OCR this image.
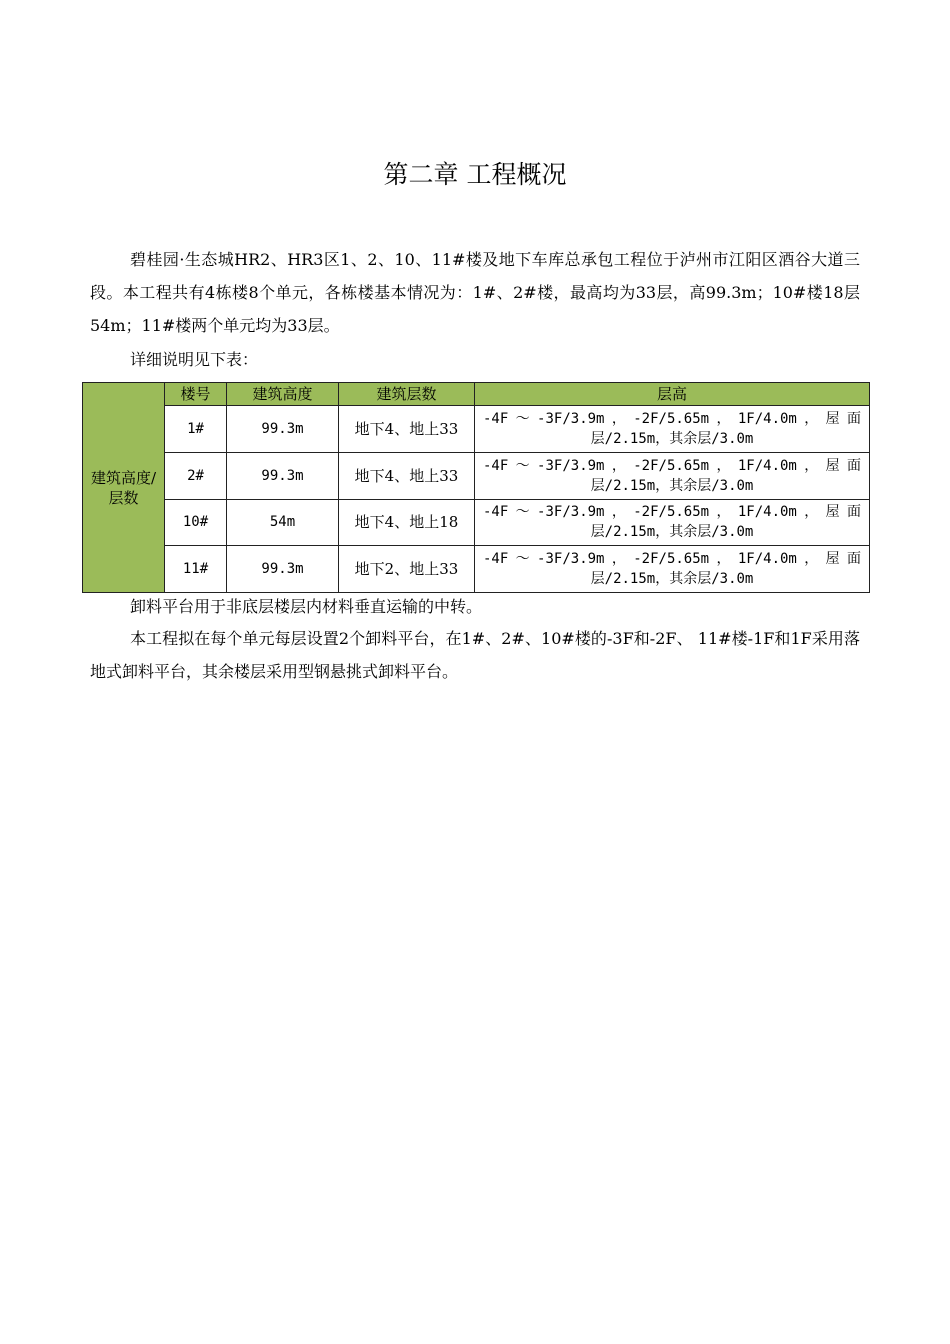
第二章 工程概况

碧桂园·生态城HR2、HR3区1、2、10、11#楼及地下车库总承包工程位于泸州市江阳区酒谷大道三段。本工程共有4栋楼8个单元，各栋楼基本情况为：1#、2#楼，最高均为33层，高99.3m；10#楼18层54m；11#楼两个单元均为33层。

详细说明见下表：

建筑高度/层数	楼号	建筑高度	建筑层数	层高
	1#	99.3m	地下4、地上33	-4F～-3F/3.9m，-2F/5.65m，1F/4.0m，屋面层/2.15m，其余层/3.0m
	2#	99.3m	地下4、地上33	-4F～-3F/3.9m，-2F/5.65m，1F/4.0m，屋面层/2.15m，其余层/3.0m
	10#	54m	地下4、地上18	-4F～-3F/3.9m，-2F/5.65m，1F/4.0m，屋面层/2.15m，其余层/3.0m
	11#	99.3m	地下2、地上33	-4F～-3F/3.9m，-2F/5.65m，1F/4.0m，屋面层/2.15m，其余层/3.0m

卸料平台用于非底层楼层内材料垂直运输的中转。

本工程拟在每个单元每层设置2个卸料平台，在1#、2#、10#楼的-3F和-2F、 11#楼-1F和1F采用落地式卸料平台，其余楼层采用型钢悬挑式卸料平台。
